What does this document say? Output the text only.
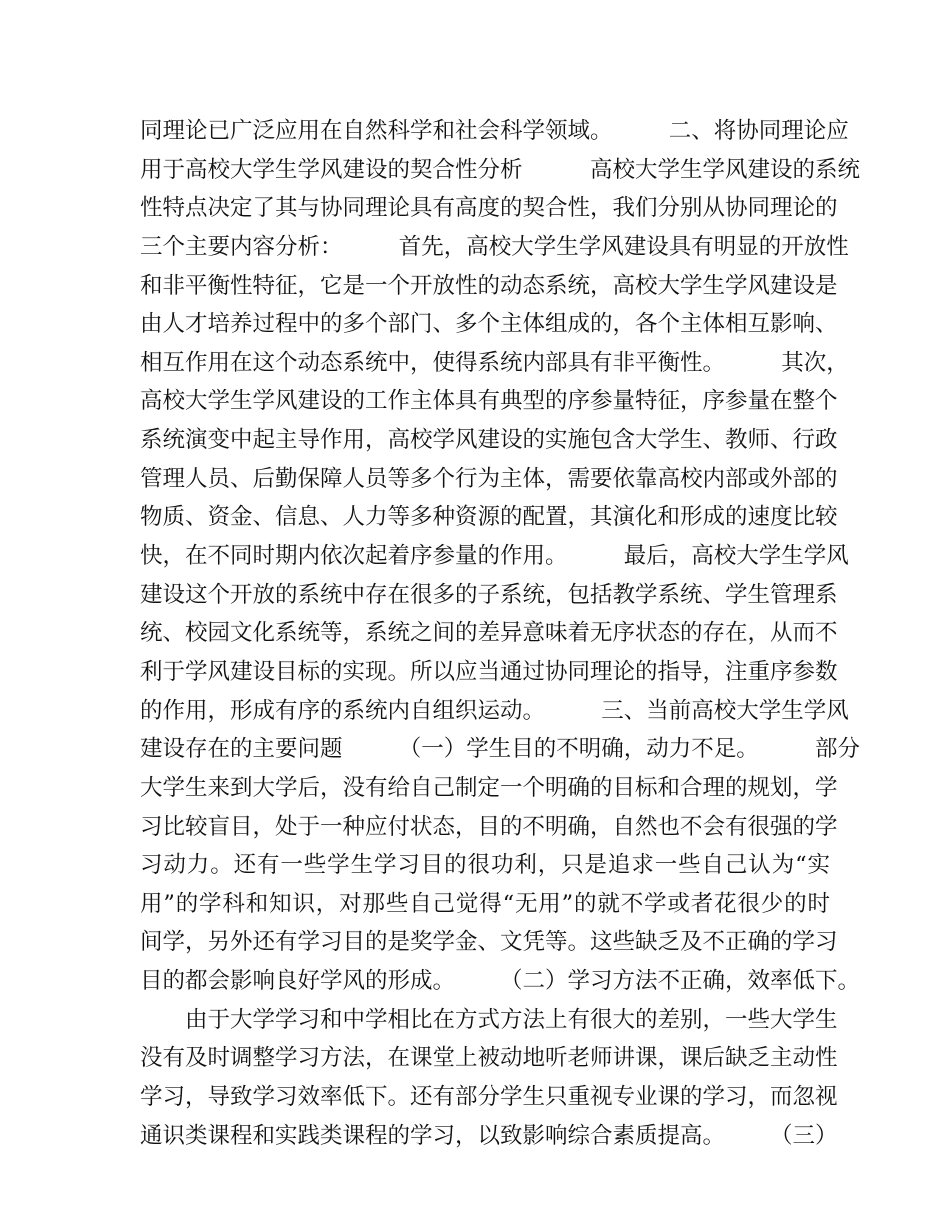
同理论已广泛应用在自然科学和社会科学领域。　　　二、将协同理论应
用于高校大学生学风建设的契合性分析　　　高校大学生学风建设的系统
性特点决定了其与协同理论具有高度的契合性，我们分别从协同理论的
三个主要内容分析：　　　首先，高校大学生学风建设具有明显的开放性
和非平衡性特征，它是一个开放性的动态系统，高校大学生学风建设是
由人才培养过程中的多个部门、多个主体组成的，各个主体相互影响、
相互作用在这个动态系统中，使得系统内部具有非平衡性。　　　其次，
高校大学生学风建设的工作主体具有典型的序参量特征，序参量在整个
系统演变中起主导作用，高校学风建设的实施包含大学生、教师、行政
管理人员、后勤保障人员等多个行为主体，需要依靠高校内部或外部的
物质、资金、信息、人力等多种资源的配置，其演化和形成的速度比较
快，在不同时期内依次起着序参量的作用。　　　最后，高校大学生学风
建设这个开放的系统中存在很多的子系统，包括教学系统、学生管理系
统、校园文化系统等，系统之间的差异意味着无序状态的存在，从而不
利于学风建设目标的实现。所以应当通过协同理论的指导，注重序参数
的作用，形成有序的系统内自组织运动。　　　三、当前高校大学生学风
建设存在的主要问题　　　（一）学生目的不明确，动力不足。　　　部分
大学生来到大学后，没有给自己制定一个明确的目标和合理的规划，学
习比较盲目，处于一种应付状态，目的不明确，自然也不会有很强的学
习动力。还有一些学生学习目的很功利，只是追求一些自己认为“实
用”的学科和知识，对那些自己觉得“无用”的就不学或者花很少的时
间学，另外还有学习目的是奖学金、文凭等。这些缺乏及不正确的学习
目的都会影响良好学风的形成。　　　（二）学习方法不正确，效率低下。
　　由于大学学习和中学相比在方式方法上有很大的差别，一些大学生
没有及时调整学习方法，在课堂上被动地听老师讲课，课后缺乏主动性
学习，导致学习效率低下。还有部分学生只重视专业课的学习，而忽视
通识类课程和实践类课程的学习，以致影响综合素质提高。　　　（三）
